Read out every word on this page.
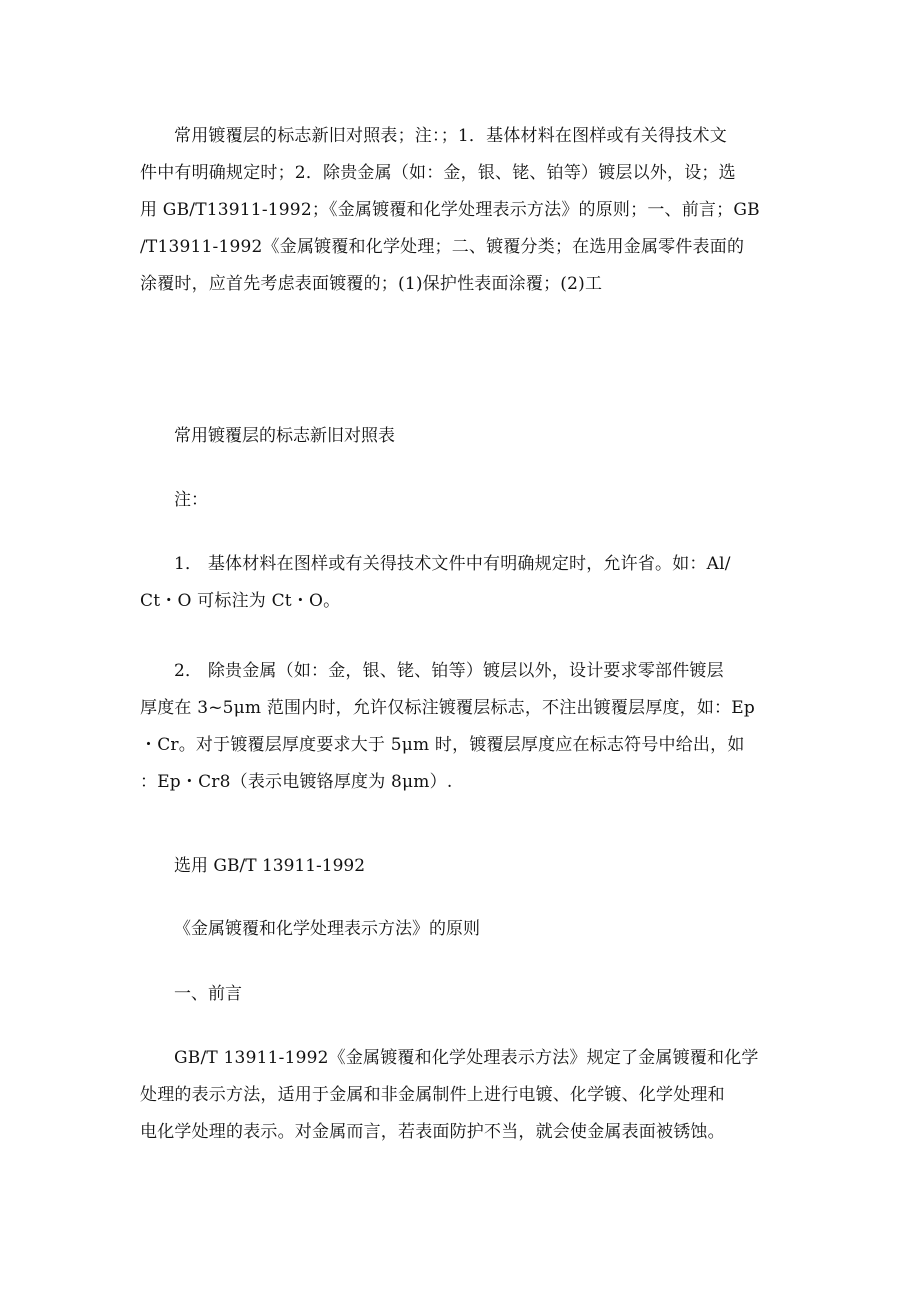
常用镀覆层的标志新旧对照表；注：；1．基体材料在图样或有关得技术文
件中有明确规定时；2．除贵金属（如：金，银、铑、铂等）镀层以外，设；选
用 GB/T13911-1992；《金属镀覆和化学处理表示方法》的原则；一、前言；GB
/T13911-1992《金属镀覆和化学处理；二、镀覆分类；在选用金属零件表面的
涂覆时，应首先考虑表面镀覆的；(1)保护性表面涂覆；(2)工

常用镀覆层的标志新旧对照表

注：

1． 基体材料在图样或有关得技术文件中有明确规定时，允许省。如：Al/
Ct・O 可标注为 Ct・O。
2． 除贵金属（如：金，银、铑、铂等）镀层以外，设计要求零部件镀层
厚度在 3~5μm 范围内时，允许仅标注镀覆层标志，不注出镀覆层厚度，如：Ep
・Cr。对于镀覆层厚度要求大于 5μm 时，镀覆层厚度应在标志符号中给出，如
：Ep・Cr8（表示电镀铬厚度为 8μm）.

选用 GB/T 13911-1992

《金属镀覆和化学处理表示方法》的原则

一、前言

GB/T 13911-1992《金属镀覆和化学处理表示方法》规定了金属镀覆和化学
处理的表示方法，适用于金属和非金属制件上进行电镀、化学镀、化学处理和
电化学处理的表示。对金属而言，若表面防护不当，就会使金属表面被锈蚀。
